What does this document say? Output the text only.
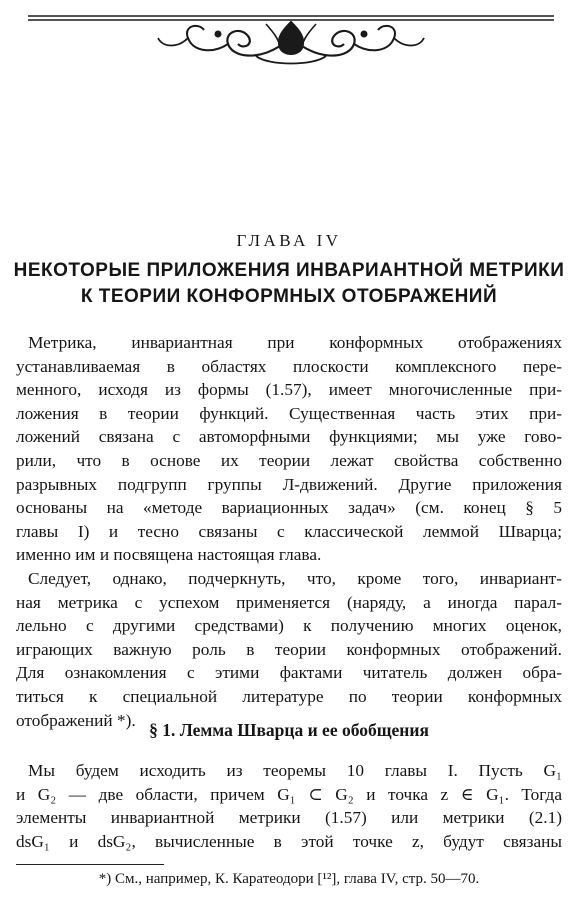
ГЛАВА IV
НЕКОТОРЫЕ ПРИЛОЖЕНИЯ ИНВАРИАНТНОЙ МЕТРИКИ
К ТЕОРИИ КОНФОРМНЫХ ОТОБРАЖЕНИЙ
Метрика, инвариантная при конформных отображениях
устанавливаемая в областях плоскости комплексного пере-
менного, исходя из формы (1.57), имеет многочисленные при-
ложения в теории функций. Существенная часть этих при-
ложений связана с автоморфными функциями; мы уже гово-
рили, что в основе их теории лежат свойства собственно
разрывных подгрупп группы Л-движений. Другие приложения
основаны на «методе вариационных задач» (см. конец § 5
главы I) и тесно связаны с классической леммой Шварца;
именно им и посвящена настоящая глава.
Следует, однако, подчеркнуть, что, кроме того, инвариант-
ная метрика с успехом применяется (наряду, а иногда парал-
лельно с другими средствами) к получению многих оценок,
играющих важную роль в теории конформных отображений.
Для ознакомления с этими фактами читатель должен обра-
титься к специальной литературе по теории конформных
отображений *). § 1. Лемма Шварца и ее обобщения
Мы будем исходить из теоремы 10 главы I. Пусть G₁
и G₂ — две области, причем G₁ ⊂ G₂ и точка z ∈ G₁. Тогда
элементы инвариантной метрики (1.57) или метрики (2.1)
dsG₁ и dsG₂, вычисленные в этой точке z, будут связаны
*) См., например, К. Каратеодори [¹²], глава IV, стр. 50—70.
